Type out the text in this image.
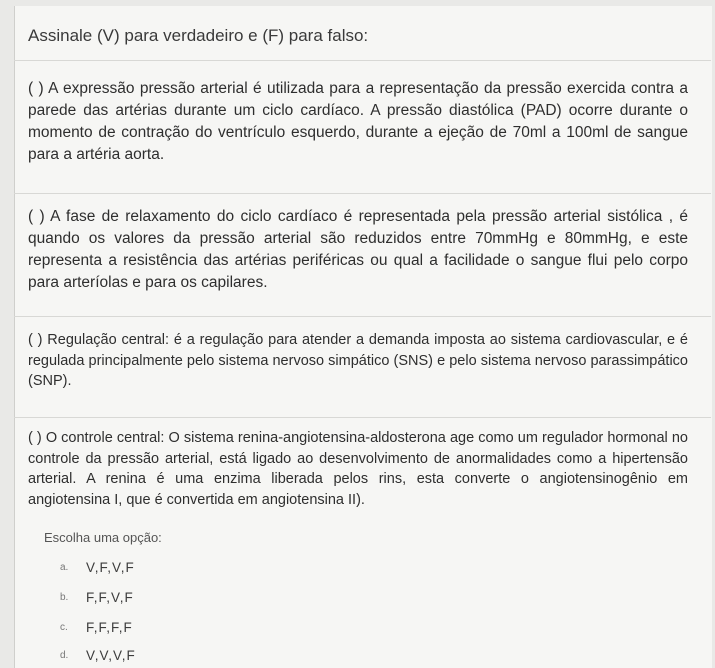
Assinale (V) para verdadeiro e (F) para falso:
( ) A expressão pressão arterial é utilizada para a representação da pressão exercida contra a parede das artérias durante um ciclo cardíaco. A pressão diastólica (PAD) ocorre durante o momento de contração do ventrículo esquerdo, durante a ejeção de 70ml a 100ml de sangue para a artéria aorta.
( ) A fase de relaxamento do ciclo cardíaco é representada pela pressão arterial sistólica , é quando os valores da pressão arterial são reduzidos entre 70mmHg e 80mmHg, e este representa a resistência das artérias periféricas ou qual a facilidade o sangue flui pelo corpo para arteríolas e para os capilares.
( ) Regulação central: é a regulação para atender a demanda imposta ao sistema cardiovascular, e é regulada principalmente pelo sistema nervoso simpático (SNS) e pelo sistema nervoso parassimpático (SNP).
( ) O controle central: O sistema renina-angiotensina-aldosterona age como um regulador hormonal no controle da pressão arterial, está ligado ao desenvolvimento de anormalidades como a hipertensão arterial. A renina é uma enzima liberada pelos rins, esta converte o angiotensinogênio em angiotensina I, que é convertida em angiotensina II).
Escolha uma opção:
a. V,F,V,F
b. F,F,V,F
c.	F,F,F,F
d. V,V,V,F
